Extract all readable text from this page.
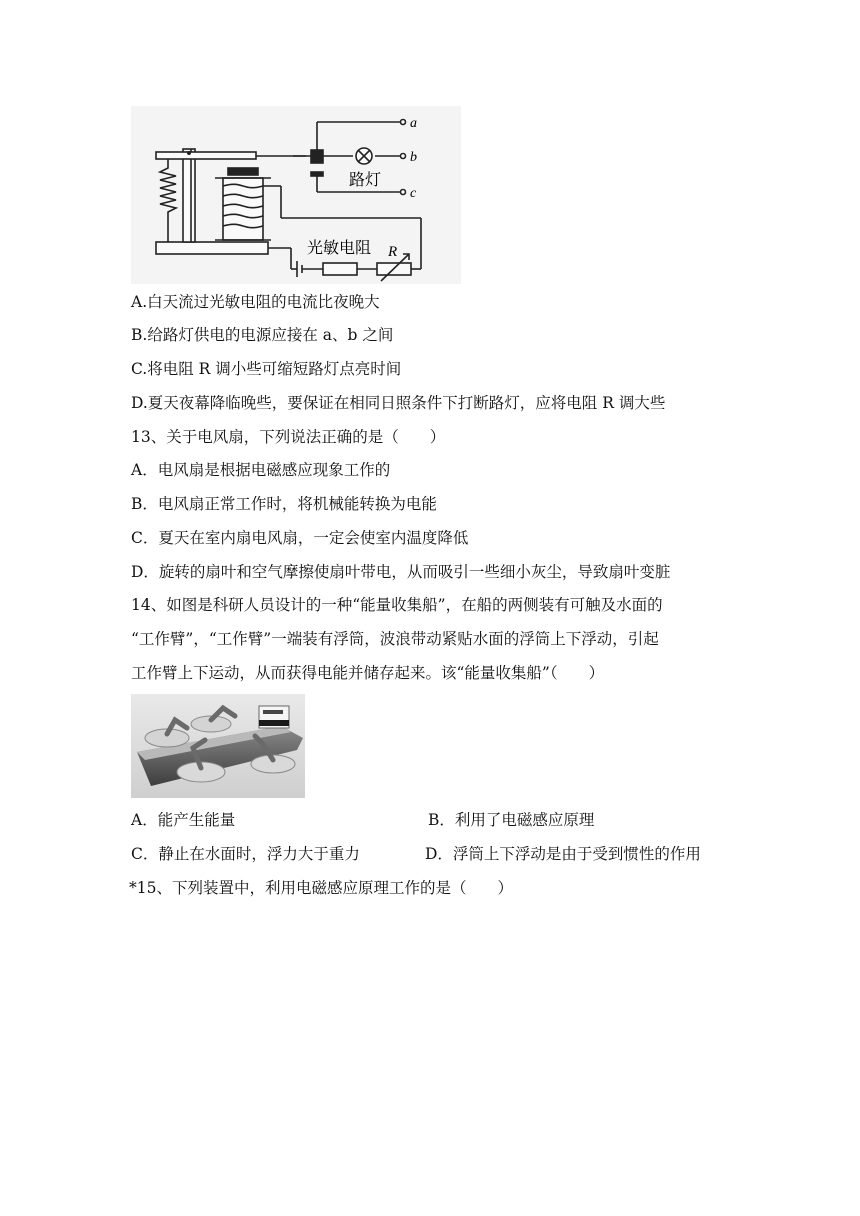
a
b
c
路灯
光敏电阻 R
A.白天流过光敏电阻的电流比夜晚大
B.给路灯供电的电源应接在 a、b 之间
C.将电阻 R 调小些可缩短路灯点亮时间
D.夏天夜幕降临晚些，要保证在相同日照条件下打断路灯，应将电阻 R 调大些
13、关于电风扇，下列说法正确的是（　　）
A．电风扇是根据电磁感应现象工作的
B．电风扇正常工作时，将机械能转换为电能
C．夏天在室内扇电风扇，一定会使室内温度降低
D．旋转的扇叶和空气摩擦使扇叶带电，从而吸引一些细小灰尘，导致扇叶变脏
14、如图是科研人员设计的一种“能量收集船”，在船的两侧装有可触及水面的
“工作臂”，“工作臂”一端装有浮筒，波浪带动紧贴水面的浮筒上下浮动，引起
工作臂上下运动，从而获得电能并储存起来。该“能量收集船”（　　）
A．能产生能量	B．利用了电磁感应原理
C．静止在水面时，浮力大于重力	D．浮筒上下浮动是由于受到惯性的作用
*15、下列装置中，利用电磁感应原理工作的是（　　）
